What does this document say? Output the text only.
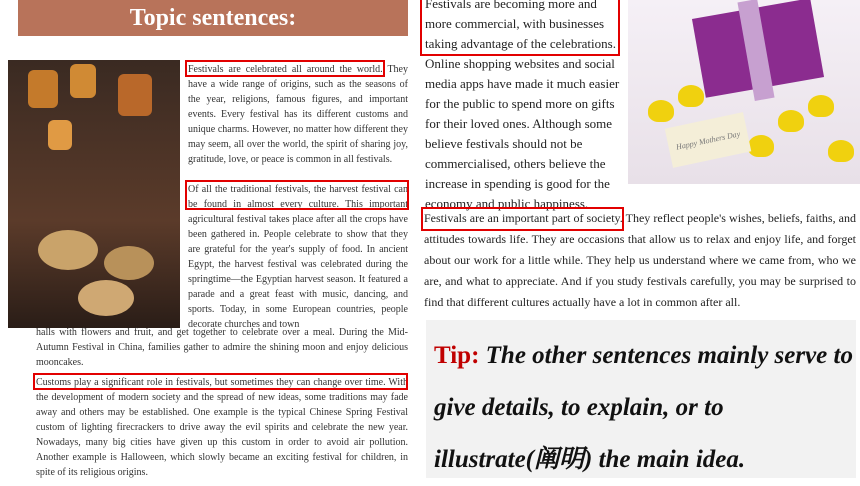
Topic sentences:

Festivals are celebrated all around the world. They have a wide range of origins, such as the seasons of the year, religions, famous figures, and important events. Every festival has its different customs and unique charms. However, no matter how different they may seem, all over the world, the spirit of sharing joy, gratitude, love, or peace is common in all festivals.

Of all the traditional festivals, the harvest festival can be found in almost every culture. This important agricultural festival takes place after all the crops have been gathered in. People celebrate to show that they are grateful for the year's supply of food. In ancient Egypt, the harvest festival was celebrated during the springtime—the Egyptian harvest season. It featured a parade and a great feast with music, dancing, and sports. Today, in some European countries, people decorate churches and town

halls with flowers and fruit, and get together to celebrate over a meal. During the Mid-Autumn Festival in China, families gather to admire the shining moon and enjoy delicious mooncakes.

Customs play a significant role in festivals, but sometimes they can change over time. With the development of modern society and the spread of new ideas, some traditions may fade away and others may be established. One example is the typical Chinese Spring Festival custom of lighting firecrackers to drive away the evil spirits and celebrate the new year. Nowadays, many big cities have given up this custom in order to avoid air pollution. Another example is Halloween, which slowly became an exciting festival for children, in spite of its religious origins.

Happy Mothers Day

Festivals are becoming more and more commercial, with businesses taking advantage of the celebrations. Online shopping websites and social media apps have made it much easier for the public to spend more on gifts for their loved ones. Although some believe festivals should not be commercialised, others believe the increase in spending is good for the economy and public happiness.

Festivals are an important part of society. They reflect people's wishes, beliefs, faiths, and attitudes towards life. They are occasions that allow us to relax and enjoy life, and forget about our work for a little while. They help us understand where we came from, who we are, and what to appreciate. And if you study festivals carefully, you may be surprised to find that different cultures actually have a lot in common after all.

Tip: The other sentences mainly serve to give details, to explain, or to illustrate(阐明) the main idea.
